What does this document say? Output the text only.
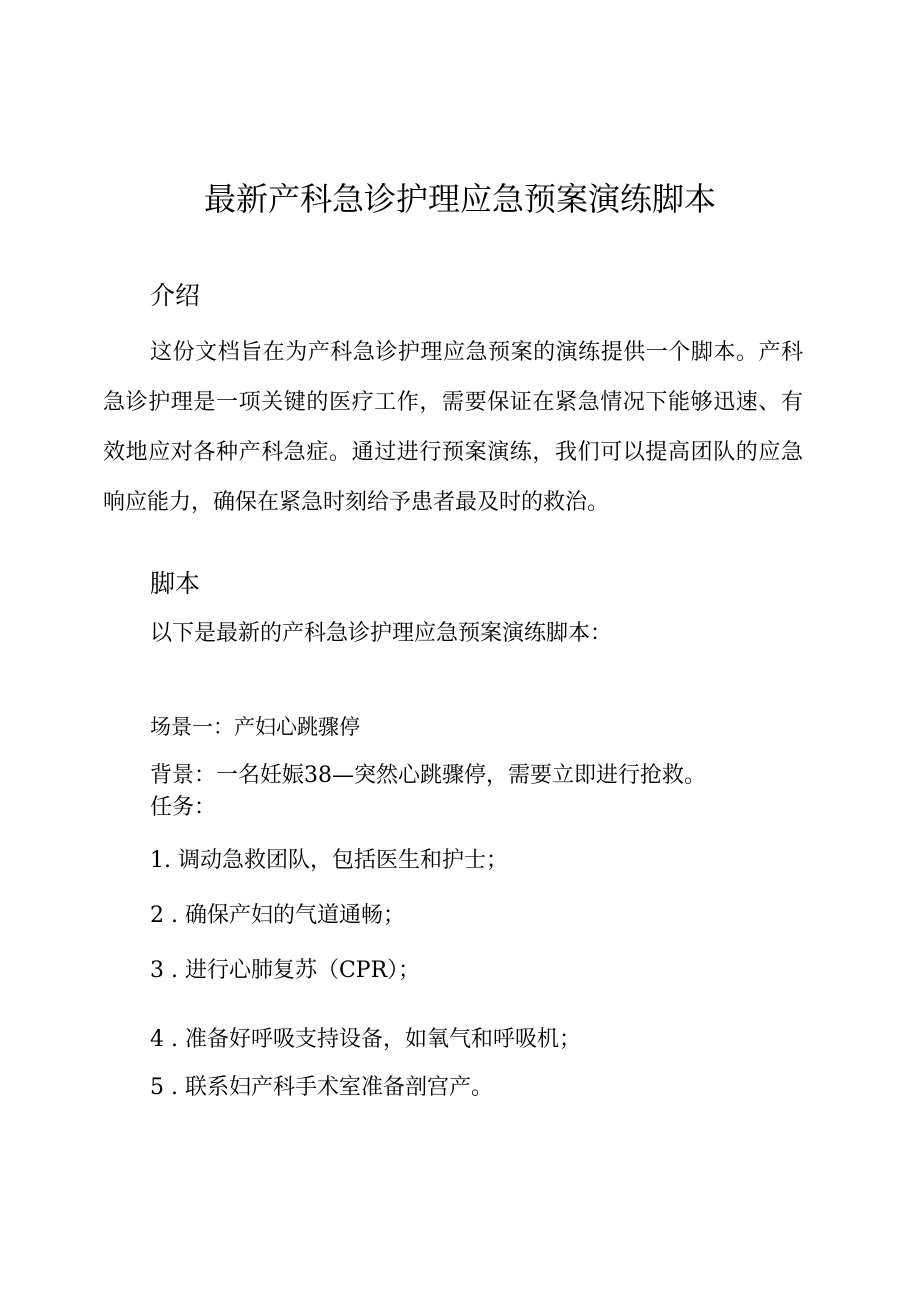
最新产科急诊护理应急预案演练脚本
介绍

这份文档旨在为产科急诊护理应急预案的演练提供一个脚本。产科急诊护理是一项关键的医疗工作，需要保证在紧急情况下能够迅速、有效地应对各种产科急症。通过进行预案演练，我们可以提高团队的应急响应能力，确保在紧急时刻给予患者最及时的救治。

脚本

以下是最新的产科急诊护理应急预案演练脚本：

场景一：产妇心跳骤停

背景：一名妊娠38—突然心跳骤停，需要立即进行抢救。

任务：

1. 调动急救团队，包括医生和护士；

2 . 确保产妇的气道通畅；

3 . 进行心肺复苏（CPR）；

4 . 准备好呼吸支持设备，如氧气和呼吸机；

5 . 联系妇产科手术室准备剖宫产。
